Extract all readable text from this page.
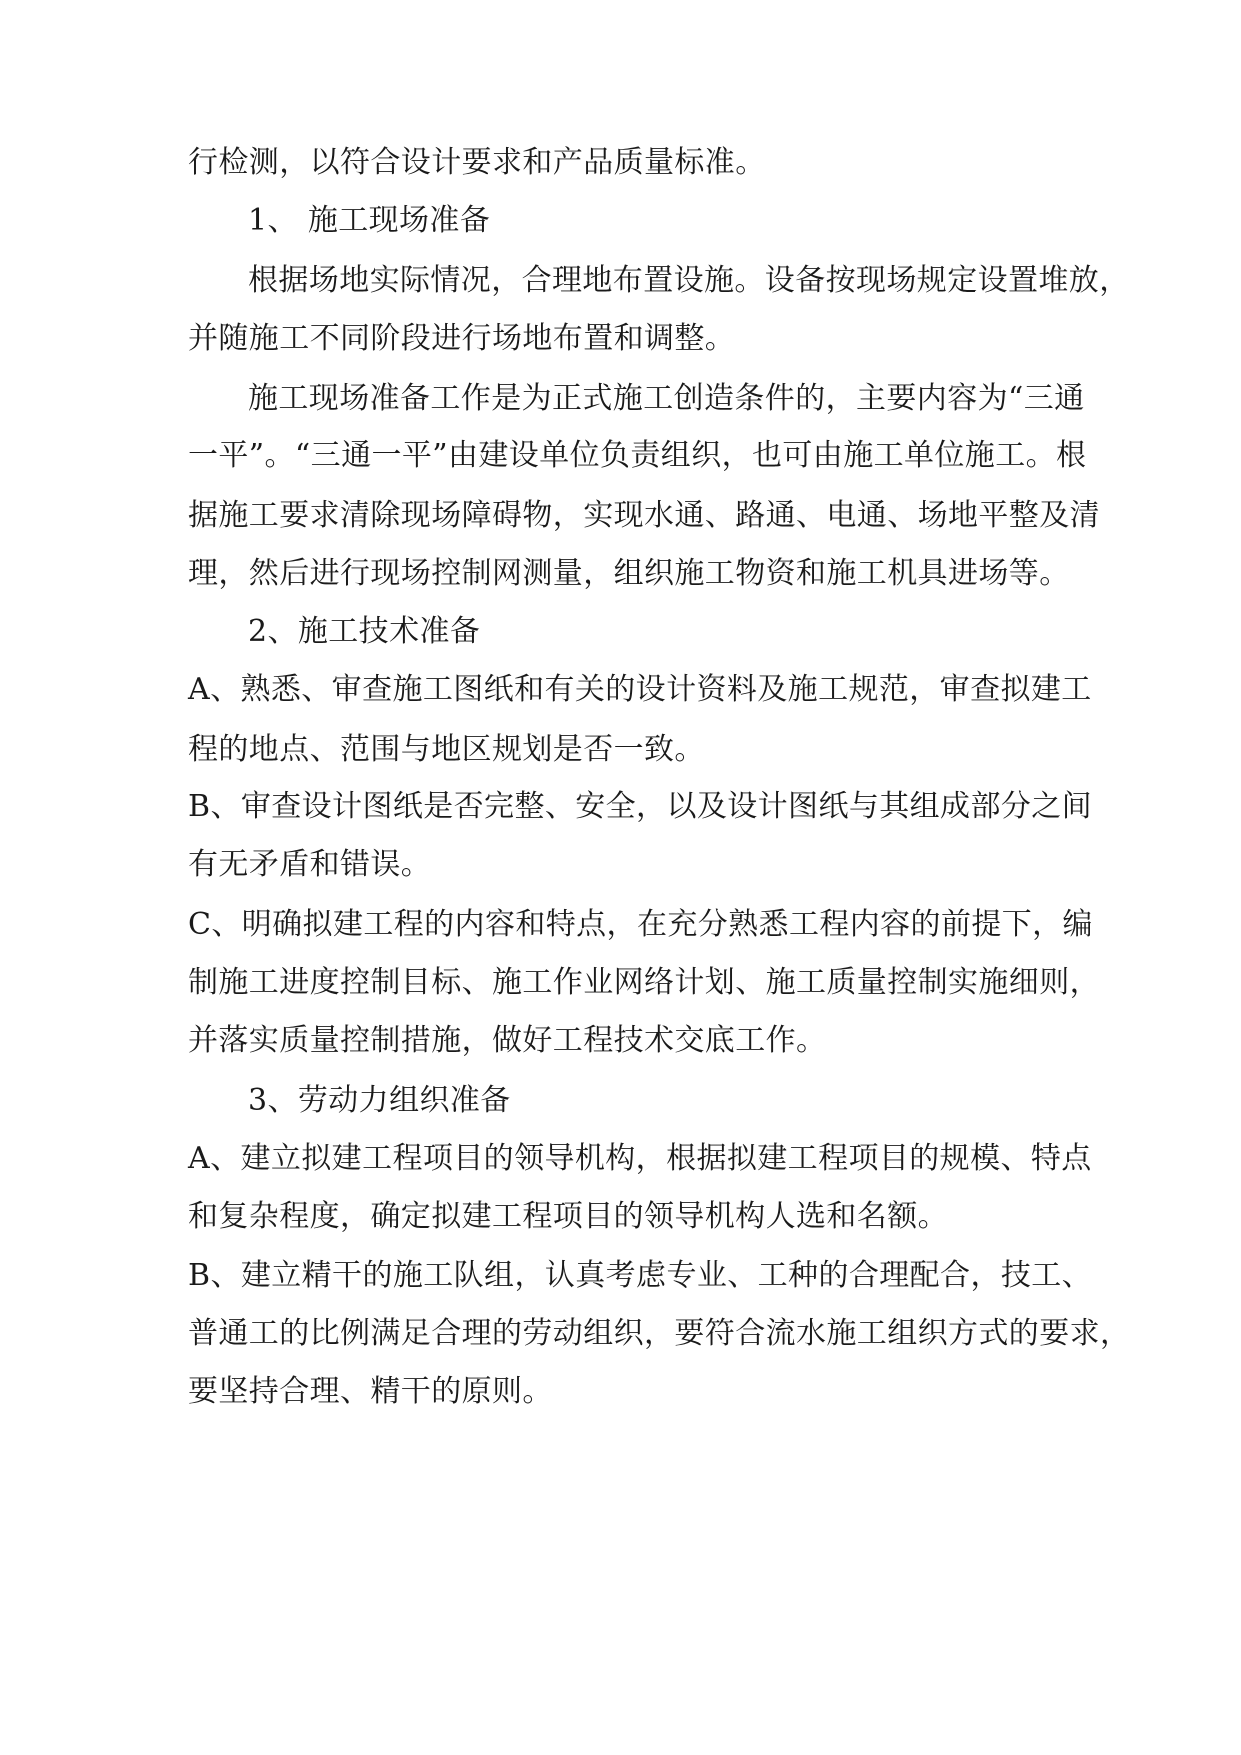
行检测，以符合设计要求和产品质量标准。

1、 施工现场准备

根据场地实际情况，合理地布置设施。设备按现场规定设置堆放，

并随施工不同阶段进行场地布置和调整。

施工现场准备工作是为正式施工创造条件的，主要内容为“三通

一平”。“三通一平”由建设单位负责组织，也可由施工单位施工。根

据施工要求清除现场障碍物，实现水通、路通、电通、场地平整及清

理，然后进行现场控制网测量，组织施工物资和施工机具进场等。

2、施工技术准备

A、熟悉、审查施工图纸和有关的设计资料及施工规范，审查拟建工

程的地点、范围与地区规划是否一致。

B、审查设计图纸是否完整、安全，以及设计图纸与其组成部分之间

有无矛盾和错误。

C、明确拟建工程的内容和特点，在充分熟悉工程内容的前提下，编

制施工进度控制目标、施工作业网络计划、施工质量控制实施细则，

并落实质量控制措施，做好工程技术交底工作。

3、劳动力组织准备

A、建立拟建工程项目的领导机构，根据拟建工程项目的规模、特点

和复杂程度，确定拟建工程项目的领导机构人选和名额。

B、建立精干的施工队组，认真考虑专业、工种的合理配合，技工、

普通工的比例满足合理的劳动组织，要符合流水施工组织方式的要求，

要坚持合理、精干的原则。
